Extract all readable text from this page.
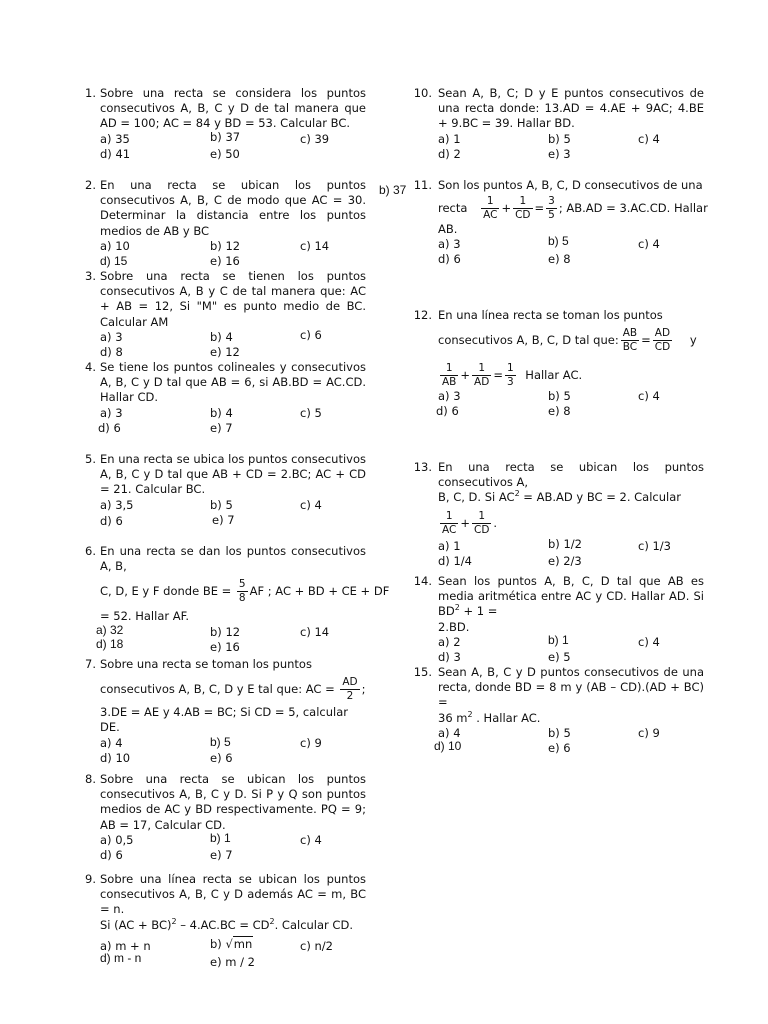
b) 37
1. Sobre una recta se considera los puntos consecutivos A, B, C y D de tal manera que AD = 100; AC = 84 y BD = 53. Calcular BC.
a) 35	b) 37	c) 39
d) 41	e) 50
2. En una recta se ubican los puntos consecutivos A, B, C de modo que AC = 30. Determinar la distancia entre los puntos medios de AB y BC
a) 10	b) 12	c) 14
d) 15	e) 16
3. Sobre una recta se tienen los puntos consecutivos A, B y C de tal manera que: AC + AB = 12, Si "M" es punto medio de BC. Calcular AM
a) 3	b) 4	c) 6
d) 8	e) 12
4. Se tiene los puntos colineales y consecutivos A, B, C y D tal que AB = 6, si AB.BD = AC.CD. Hallar CD.
a) 3	b) 4	c) 5
d) 6	e) 7
5. En una recta se ubica los puntos consecutivos A, B, C y D tal que AB + CD = 2.BC; AC + CD = 21. Calcular BC.
a) 3,5	b) 5	c) 4
d) 6	e) 7
6. En una recta se dan los puntos consecutivos A, B,
C, D, E y F donde BE = $\frac{5}{8}$ AF ; AC + BD + CE + DF
= 52. Hallar AF.
a) 32	b) 12	c) 14
d) 18	e) 16
7. Sobre una recta se toman los puntos
consecutivos A, B, C, D y E tal que: AC = $\frac{AD}{2}$ ;
3.DE = AE y 4.AB = BC; Si CD = 5, calcular DE.
a) 4	b) 5	c) 9
d) 10	e) 6
8. Sobre una recta se ubican los puntos consecutivos A, B, C y D. Si P y Q son puntos medios de AC y BD respectivamente. PQ = 9; AB = 17, Calcular CD.
a) 0,5	b) 1	c) 4
d) 6	e) 7
9. Sobre una línea recta se ubican los puntos consecutivos A, B, C y D además AC = m, BC = n.
Si $(AC + BC)^2 - 4.AC.BC = CD^2$. Calcular CD.
a) m + n	b) √mn	c) n/2
d) m - n	e) m / 2
10. Sean A, B, C; D y E puntos consecutivos de una recta donde: 13.AD = 4.AE + 9AC; 4.BE + 9.BC = 39. Hallar BD.
a) 1	b) 5	c) 4
d) 2	e) 3
11. Son los puntos A, B, C, D consecutivos de una
recta $\frac{1}{AC} + \frac{1}{CD} = \frac{3}{5}$ ; AB.AD = 3.AC.CD. Hallar
AB.
a) 3	b) 5	c) 4
d) 6	e) 8
12. En una línea recta se toman los puntos
consecutivos A, B, C, D tal que: $\frac{AB}{BC} = \frac{AD}{CD}$ y
$\frac{1}{AB} + \frac{1}{AD} = \frac{1}{3}$ Hallar AC.
a) 3	b) 5	c) 4
d) 6	e) 8
13. En una recta se ubican los puntos consecutivos A,
B, C, D. Si $AC^2 = AB.AD$ y BC = 2. Calcular
$\frac{1}{AC} + \frac{1}{CD}$ .
a) 1	b) 1/2	c) 1/3
d) 1/4	e) 2/3
14. Sean los puntos A, B, C, D tal que AB es media aritmética entre AC y CD. Hallar AD. Si $BD^2 + 1$ =
2.BD.
a) 2	b) 1	c) 4
d) 3	e) 5
15. Sean A, B, C y D puntos consecutivos de una recta, donde BD = 8 m y (AB – CD).(AD + BC) =
36 $m^2$ . Hallar AC.
a) 4	b) 5	c) 9
d) 10	e) 6
